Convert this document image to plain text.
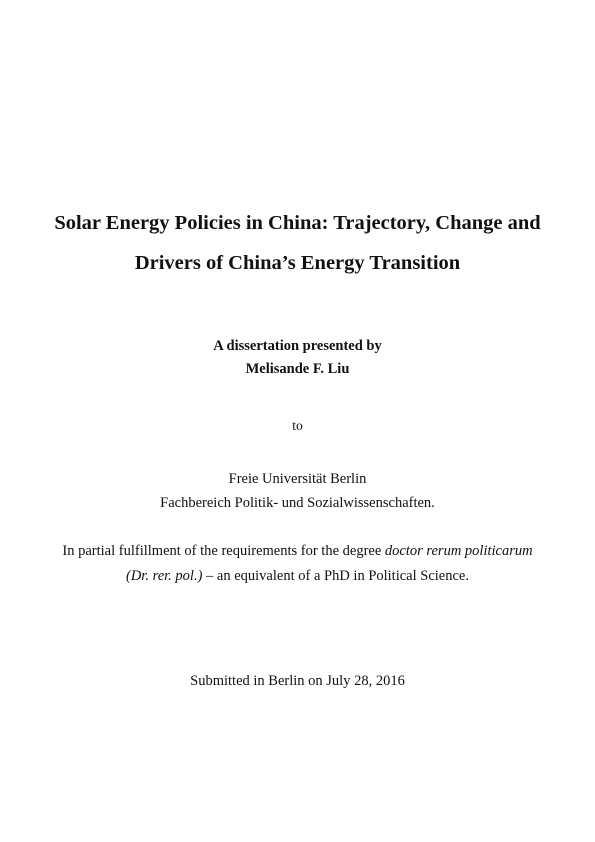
Solar Energy Policies in China: Trajectory, Change and

Drivers of China’s Energy Transition

A dissertation presented by

Melisande F. Liu

to

Freie Universität Berlin

Fachbereich Politik- und Sozialwissenschaften.

In partial fulfillment of the requirements for the degree doctor rerum politicarum

(Dr. rer. pol.) – an equivalent of a PhD in Political Science.

Submitted in Berlin on July 28, 2016
